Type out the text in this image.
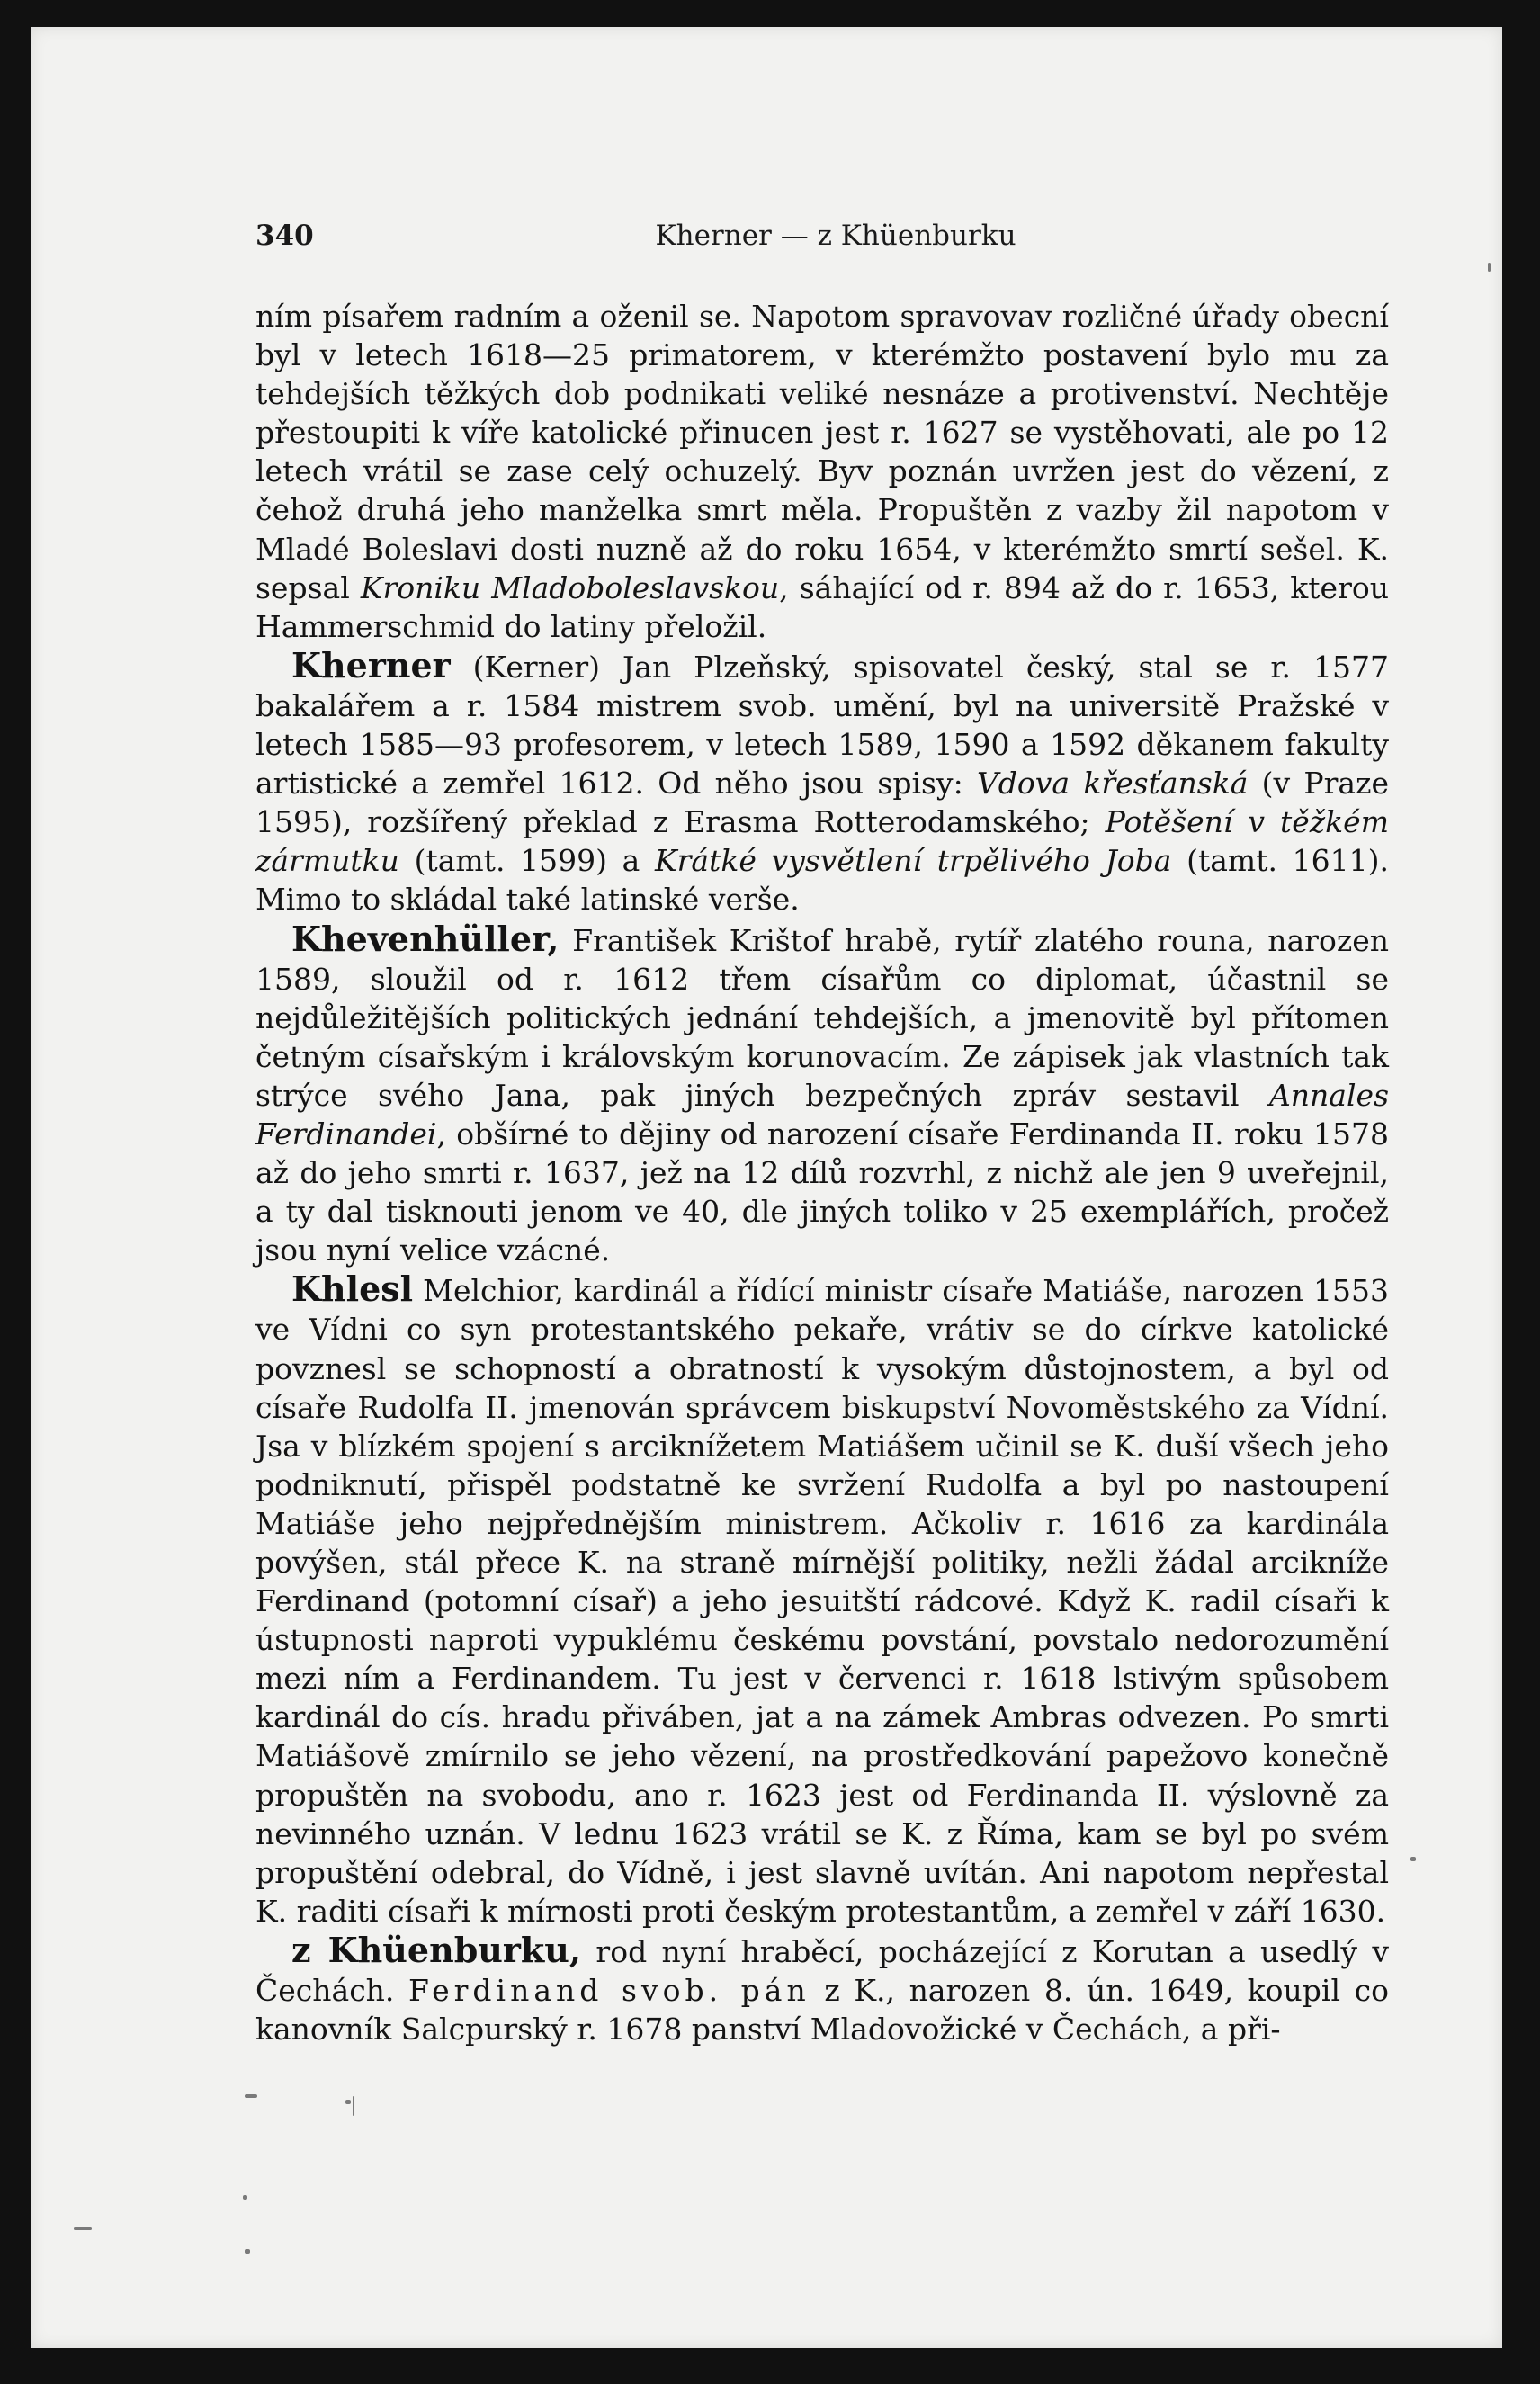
340	Kherner — z Khüenburku

ním písařem radním a oženil se. Napotom spravovav rozličné úřady obecní byl v letech 1618—25 primatorem, v kterémžto postavení bylo mu za tehdejších těžkých dob podnikati veliké nesnáze a protivenství. Nechtěje přestoupiti k víře katolické přinucen jest r. 1627 se vystěhovati, ale po 12 letech vrátil se zase celý ochuzelý. Byv poznán uvržen jest do vězení, z čehož druhá jeho manželka smrt měla. Propuštěn z vazby žil napotom v Mladé Boleslavi dosti nuzně až do roku 1654, v kterémžto smrtí sešel. K. sepsal Kroniku Mladoboleslavskou, sáhající od r. 894 až do r. 1653, kterou Hammerschmid do latiny přeložil.

Kherner (Kerner) Jan Plzeňský, spisovatel český, stal se r. 1577 bakalářem a r. 1584 mistrem svob. umění, byl na universitě Pražské v letech 1585—93 profesorem, v letech 1589, 1590 a 1592 děkanem fakulty artistické a zemřel 1612. Od něho jsou spisy: Vdova křesťanská (v Praze 1595), rozšířený překlad z Erasma Rotterodamského; Potěšení v těžkém zármutku (tamt. 1599) a Krátké vysvětlení trpělivého Joba (tamt. 1611). Mimo to skládal také latinské verše.

Khevenhüller, František Krištof hrabě, rytíř zlatého rouna, narozen 1589, sloužil od r. 1612 třem císařům co diplomat, účastnil se nejdůležitějších politických jednání tehdejších, a jmenovitě byl přítomen četným císařským i královským korunovacím. Ze zápisek jak vlastních tak strýce svého Jana, pak jiných bezpečných zpráv sestavil Annales Ferdinandei, obšírné to dějiny od narození císaře Ferdinanda II. roku 1578 až do jeho smrti r. 1637, jež na 12 dílů rozvrhl, z nichž ale jen 9 uveřejnil, a ty dal tisknouti jenom ve 40, dle jiných toliko v 25 exemplářích, pročež jsou nyní velice vzácné.

Khlesl Melchior, kardinál a řídící ministr císaře Matiáše, narozen 1553 ve Vídni co syn protestantského pekaře, vrátiv se do církve katolické povznesl se schopností a obratností k vysokým důstojnostem, a byl od císaře Rudolfa II. jmenován správcem biskupství Novoměstského za Vídní. Jsa v blízkém spojení s arciknížetem Matiášem učinil se K. duší všech jeho podniknutí, přispěl podstatně ke svržení Rudolfa a byl po nastoupení Matiáše jeho nejpřednějším ministrem. Ačkoliv r. 1616 za kardinála povýšen, stál přece K. na straně mírnější politiky, nežli žádal arcikníže Ferdinand (potomní císař) a jeho jesuitští rádcové. Když K. radil císaři k ústupnosti naproti vypuklému českému povstání, povstalo nedorozumění mezi ním a Ferdinandem. Tu jest v červenci r. 1618 lstivým spůsobem kardinál do cís. hradu přiváben, jat a na zámek Ambras odvezen. Po smrti Matiášově zmírnilo se jeho vězení, na prostředkování papežovo konečně propuštěn na svobodu, ano r. 1623 jest od Ferdinanda II. výslovně za nevinného uznán. V lednu 1623 vrátil se K. z Říma, kam se byl po svém propuštění odebral, do Vídně, i jest slavně uvítán. Ani napotom nepřestal K. raditi císaři k mírnosti proti českým protestantům, a zemřel v září 1630.

z Khüenburku, rod nyní hraběcí, pocházející z Korutan a usedlý v Čechách. Ferdinand svob. pán z K., narozen 8. ún. 1649, koupil co kanovník Salcpurský r. 1678 panství Mladovožické v Čechách, a při-
